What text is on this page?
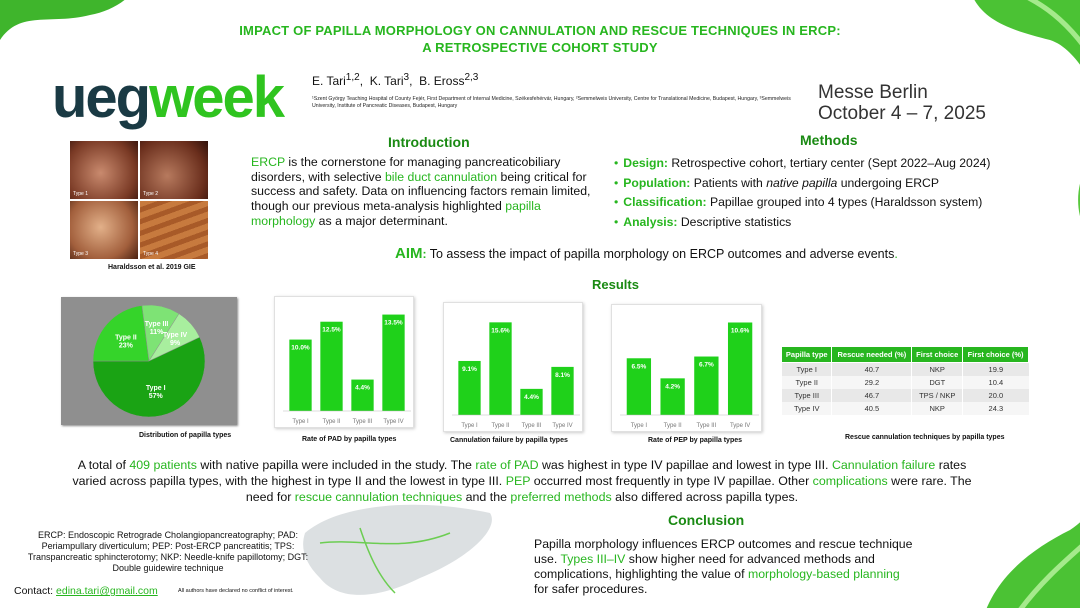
IMPACT OF PAPILLA MORPHOLOGY ON CANNULATION AND RESCUE TECHNIQUES IN ERCP:
A RETROSPECTIVE COHORT STUDY
uegweek E. Tari$^{1,2}$,  K. Tari$^3$,  B. Eross$^{2,3}$
¹Szent György Teaching Hospital of County Fejér, First Department of Internal Medicine, Székesfehérvár, Hungary, ²Semmelweis University, Centre for Translational Medicine, Budapest, Hungary, ³Semmelweis University, Institute of Pancreatic Diseases, Budapest, Hungary
Messe Berlin
October 4 – 7, 2025
Introduction
Type 1	Type 2
Type 3	Type 4
Haraldsson et al. 2019 GIE
ERCP is the cornerstone for managing pancreaticobiliary disorders, with selective bile duct cannulation being critical for success and safety. Data on influencing factors remain limited, though our previous meta-analysis highlighted papilla morphology as a major determinant.
Methods
• Design: Retrospective cohort, tertiary center (Sept 2022–Aug 2024)
• Population: Patients with native papilla undergoing ERCP
• Classification: Papillae grouped into 4 types (Haraldsson system)
• Analysis: Descriptive statistics
AIM: To assess the impact of papilla morphology on ERCP outcomes and adverse events.
Results
Type I
57%
Type II
23%
Type III
11% Type IV
9%
Distribution of papilla types
10.0%
Type I
12.5%
Type II
4.4%
Type III
13.5%
Type IV
Rate of PAD by papilla types
9.1%
Type I
15.6%
Type II
4.4%
Type III
8.1%
Type IV
Cannulation failure by papilla types
6.5%
Type I
4.2%
Type II
6.7%
Type III
10.6%
Type IV
Rate of PEP by papilla types
Papilla type	Rescue needed (%)	First choice	First choice (%)
Type I	40.7	NKP	19.9
Type II	29.2	DGT	10.4
Type III	46.7	TPS / NKP	20.0
Type IV	40.5	NKP	24.3
Rescue cannulation techniques by papilla types
A total of 409 patients with native papilla were included in the study. The rate of PAD was highest in type IV papillae and lowest in type III. Cannulation failure rates varied across papilla types, with the highest in type II and the lowest in type III. PEP occurred most frequently in type IV papillae. Other complications were rare. The need for rescue cannulation techniques and the preferred methods also differed across papilla types.
ERCP: Endoscopic Retrograde Cholangiopancreatography; PAD: Periampullary diverticulum; PEP: Post-ERCP pancreatitis; TPS: Transpancreatic sphincterotomy; NKP: Needle-knife papillotomy; DGT: Double guidewire technique
Contact: edina.tari@gmail.com	All authors have declared no conflict of interest.
Conclusion
Papilla morphology influences ERCP outcomes and rescue technique use. Types III–IV show higher need for advanced methods and complications, highlighting the value of morphology-based planning for safer procedures.
